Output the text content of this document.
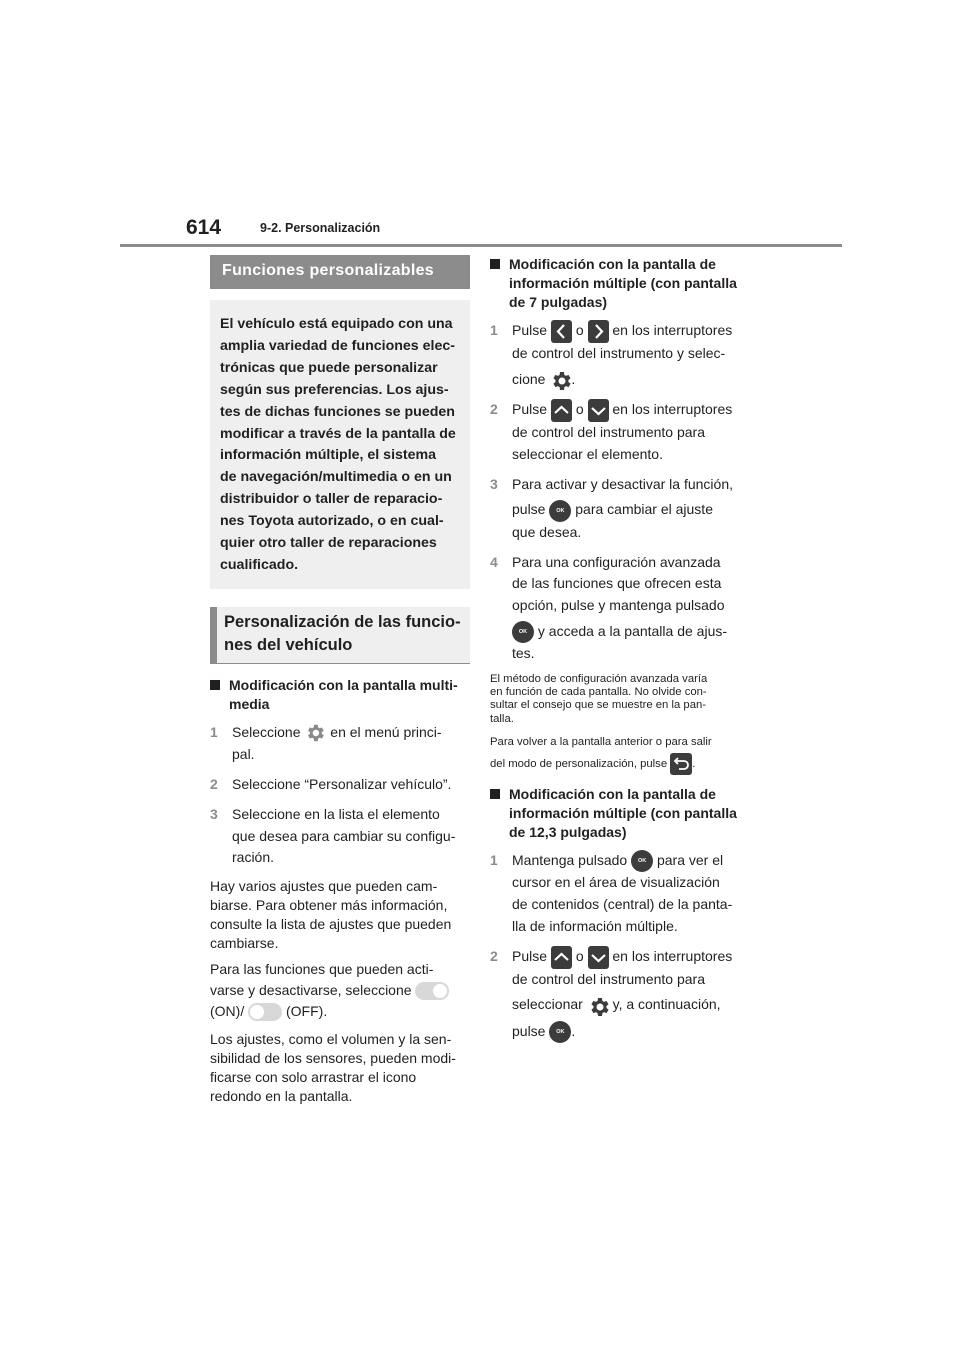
614	9-2. Personalización
Funciones personalizables
El vehículo está equipado con una
amplia variedad de funciones elec-
trónicas que puede personalizar
según sus preferencias. Los ajus-
tes de dichas funciones se pueden
modificar a través de la pantalla de
información múltiple, el sistema
de navegación/multimedia o en un
distribuidor o taller de reparacio-
nes Toyota autorizado, o en cual-
quier otro taller de reparaciones
cualificado.
Personalización de las funcio-
nes del vehículo
Modificación con la pantalla multi-
media
1	Seleccione en el menú princi-
pal.
2	Seleccione “Personalizar vehículo”.
3	Seleccione en la lista el elemento
que desea para cambiar su configu-
ración.
Hay varios ajustes que pueden cam-
biarse. Para obtener más información,
consulte la lista de ajustes que pueden
cambiarse.
Para las funciones que pueden acti-
varse y desactivarse, seleccione
(ON)/	(OFF).
Los ajustes, como el volumen y la sen-
sibilidad de los sensores, pueden modi-
ficarse con solo arrastrar el icono
redondo en la pantalla.
Modificación con la pantalla de
información múltiple (con pantalla
de 7 pulgadas)
1	Pulse o en los interruptores
de control del instrumento y selec-
cione .
2	Pulse o en los interruptores
de control del instrumento para
seleccionar el elemento.
3	Para activar y desactivar la función,
pulse OK para cambiar el ajuste
que desea.
4	Para una configuración avanzada
de las funciones que ofrecen esta
opción, pulse y mantenga pulsado
OK y acceda a la pantalla de ajus-
tes.
El método de configuración avanzada varía
en función de cada pantalla. No olvide con-
sultar el consejo que se muestre en la pan-
talla.
Para volver a la pantalla anterior o para salir
del modo de personalización, pulse .
Modificación con la pantalla de
información múltiple (con pantalla
de 12,3 pulgadas)
1	Mantenga pulsado OK para ver el
cursor en el área de visualización
de contenidos (central) de la panta-
lla de información múltiple.
2	Pulse o en los interruptores
de control del instrumento para
seleccionar y, a continuación,
pulse OK .
